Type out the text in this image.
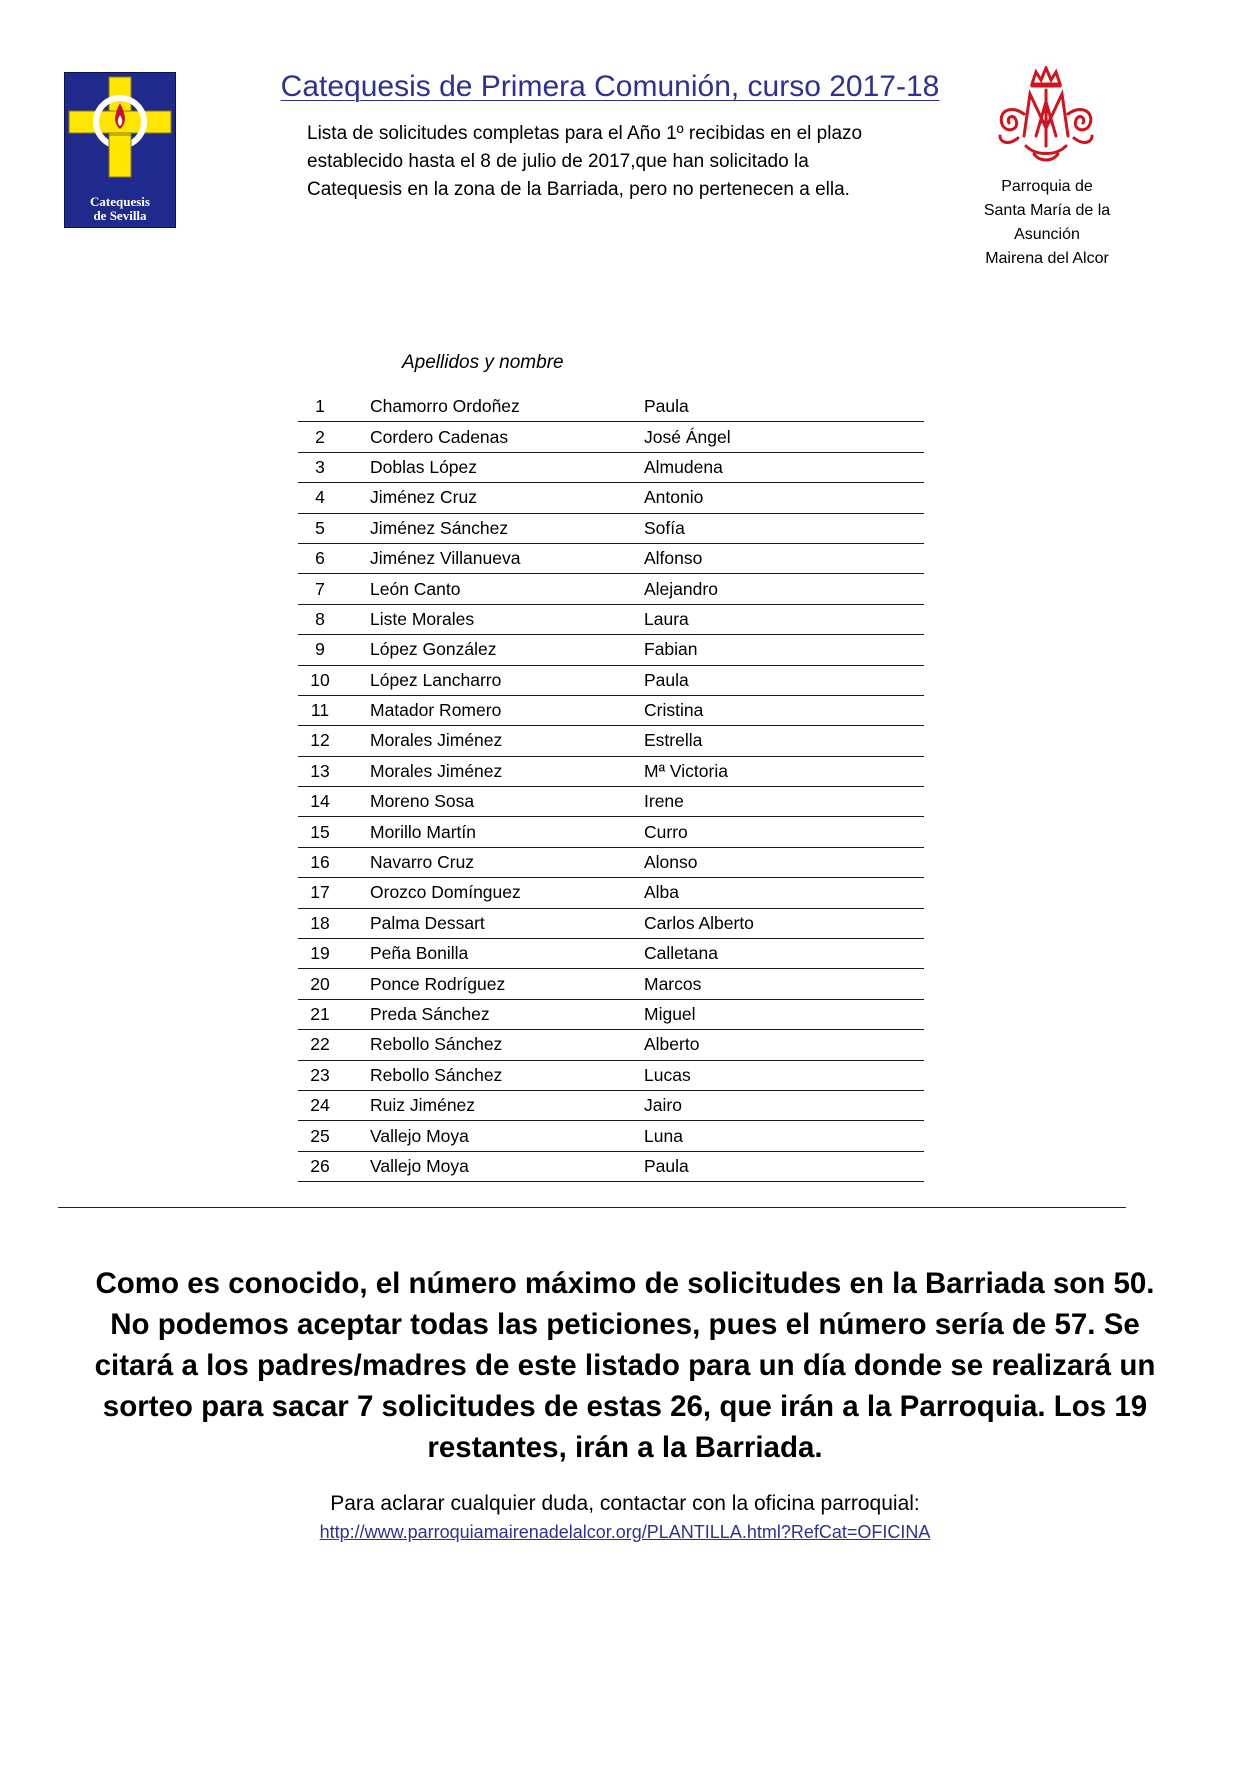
Catequesis
de Sevilla
Catequesis de Primera Comunión, curso 2017-18
Lista de solicitudes completas para el Año 1º recibidas en el plazo establecido hasta el 8 de julio de 2017,que han solicitado la Catequesis en la zona de la Barriada, pero no pertenecen a ella.	Parroquia de
Santa María de la
Asunción
Mairena del Alcor
Apellidos y nombre
1	Chamorro Ordoñez	Paula
2	Cordero Cadenas	José Ángel
3	Doblas López	Almudena
4	Jiménez Cruz	Antonio
5	Jiménez Sánchez	Sofía
6	Jiménez Villanueva	Alfonso
7	León Canto	Alejandro
8	Liste Morales	Laura
9	López González	Fabian
10	López Lancharro	Paula
11	Matador Romero	Cristina
12	Morales Jiménez	Estrella
13	Morales Jiménez	Mª Victoria
14	Moreno Sosa	Irene
15	Morillo Martín	Curro
16	Navarro Cruz	Alonso
17	Orozco Domínguez	Alba
18	Palma Dessart	Carlos Alberto
19	Peña Bonilla	Calletana
20	Ponce Rodríguez	Marcos
21	Preda Sánchez	Miguel
22	Rebollo Sánchez	Alberto
23	Rebollo Sánchez	Lucas
24	Ruiz Jiménez	Jairo
25	Vallejo Moya	Luna
26	Vallejo Moya	Paula
Como es conocido, el número máximo de solicitudes en la Barriada son 50.
No podemos aceptar todas las peticiones, pues el número sería de 57. Se
citará a los padres/madres de este listado para un día donde se realizará un
sorteo para sacar 7 solicitudes de estas 26, que irán a la Parroquia. Los 19
restantes, irán a la Barriada.
Para aclarar cualquier duda, contactar con la oficina parroquial:
http://www.parroquiamairenadelalcor.org/PLANTILLA.html?RefCat=OFICINA
